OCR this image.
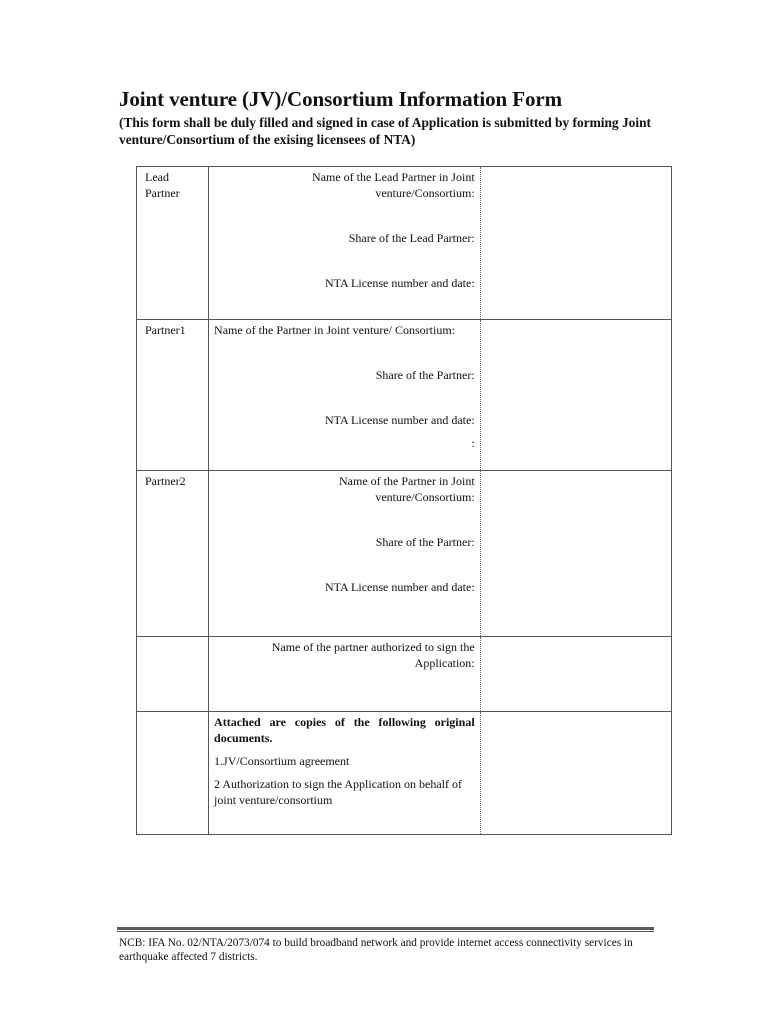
Joint venture (JV)/Consortium Information Form
(This form shall be duly filled and signed in case of Application is submitted by forming Joint venture/Consortium of the exising licensees of NTA)
Lead Partner	Name of the Lead Partner in Joint venture/Consortium:
Share of the Lead Partner:
NTA License number and date:	

Partner1	Name of the Partner in Joint venture/ Consortium:
Share of the Partner:
NTA License number and date:
:	

Partner2	Name of the Partner in Joint venture/Consortium:
Share of the Partner:
NTA License number and date:	

	Name of the partner authorized to sign the Application:	

	Attached are copies of the following original documents.
1.JV/Consortium agreement
2 Authorization to sign the Application on behalf of joint venture/consortium	

NCB: IFA No. 02/NTA/2073/074 to build broadband network and provide internet access connectivity services in earthquake affected 7 districts.
